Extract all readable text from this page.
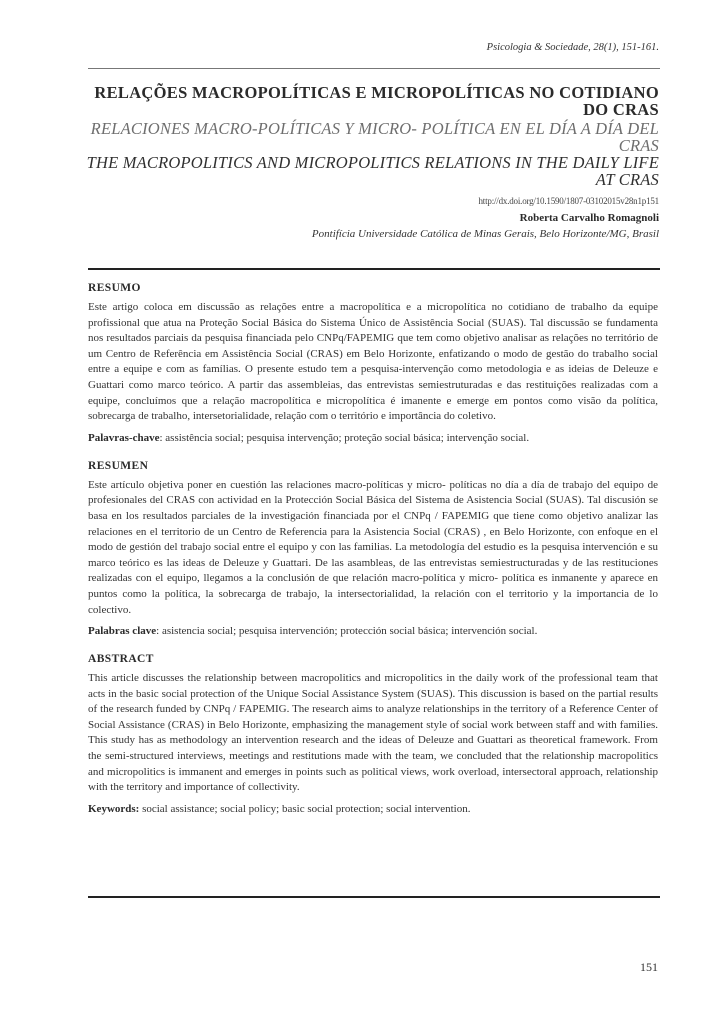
Psicologia & Sociedade, 28(1), 151-161.
RELAÇÕES MACROPOLÍTICAS E MICROPOLÍTICAS NO COTIDIANO DO CRAS
RELACIONES MACRO-POLÍTICAS Y MICRO- POLÍTICA EN EL DÍA A DÍA DEL CRAS
THE MACROPOLITICS AND MICROPOLITICS RELATIONS IN THE DAILY LIFE AT CRAS
http://dx.doi.org/10.1590/1807-03102015v28n1p151
Roberta Carvalho Romagnoli
Pontifícia Universidade Católica de Minas Gerais, Belo Horizonte/MG, Brasil
RESUMO

Este artigo coloca em discussão as relações entre a macropolítica e a micropolítica no cotidiano de trabalho da equipe profissional que atua na Proteção Social Básica do Sistema Único de Assistência Social (SUAS). Tal discussão se fundamenta nos resultados parciais da pesquisa financiada pelo CNPq/FAPEMIG que tem como objetivo analisar as relações no território de um Centro de Referência em Assistência Social (CRAS) em Belo Horizonte, enfatizando o modo de gestão do trabalho social entre a equipe e com as famílias. O presente estudo tem a pesquisa-intervenção como metodologia e as ideias de Deleuze e Guattari como marco teórico. A partir das assembleias, das entrevistas semiestruturadas e das restituições realizadas com a equipe, concluímos que a relação macropolítica e micropolítica é imanente e emerge em pontos como visão da política, sobrecarga de trabalho, intersetorialidade, relação com o território e importância do coletivo.

Palavras-chave: assistência social; pesquisa intervenção; proteção social básica; intervenção social.

RESUMEN

Este artículo objetiva poner en cuestión las relaciones macro-políticas y micro- políticas no día a día de trabajo del equipo de profesionales del CRAS con actividad en la Protección Social Básica del Sistema de Asistencia Social (SUAS). Tal discusión se basa en los resultados parciales de la investigación financiada por el CNPq / FAPEMIG que tiene como objetivo analizar las relaciones en el territorio de un Centro de Referencia para la Asistencia Social (CRAS) , en Belo Horizonte, con enfoque en el modo de gestión del trabajo social entre el equipo y con las familias. La metodología del estudio es la pesquisa intervención e su marco teórico es las ideas de Deleuze y Guattari. De las asambleas, de las entrevistas semiestructuradas y de las restituciones realizadas con el equipo, llegamos a la conclusión de que relación macro-política y micro- política es inmanente y aparece en puntos como la política, la sobrecarga de trabajo, la intersectorialidad, la relación con el territorio y la importancia de lo colectivo.

Palabras clave: asistencia social; pesquisa intervención; protección social básica; intervención social.

ABSTRACT

This article discusses the relationship between macropolitics and micropolitics in the daily work of the professional team that acts in the basic social protection of the Unique Social Assistance System (SUAS). This discussion is based on the partial results of the research funded by CNPq / FAPEMIG. The research aims to analyze relationships in the territory of a Reference Center of Social Assistance (CRAS) in Belo Horizonte, emphasizing the management style of social work between staff and with families. This study has as methodology an intervention research and the ideas of Deleuze and Guattari as theoretical framework. From the semi-structured interviews, meetings and restitutions made with the team, we concluded that the relationship macropolitics and micropolitics is immanent and emerges in points such as political views, work overload, intersectoral approach, relationship with the territory and importance of collectivity.

Keywords: social assistance; social policy; basic social protection; social intervention.

151
